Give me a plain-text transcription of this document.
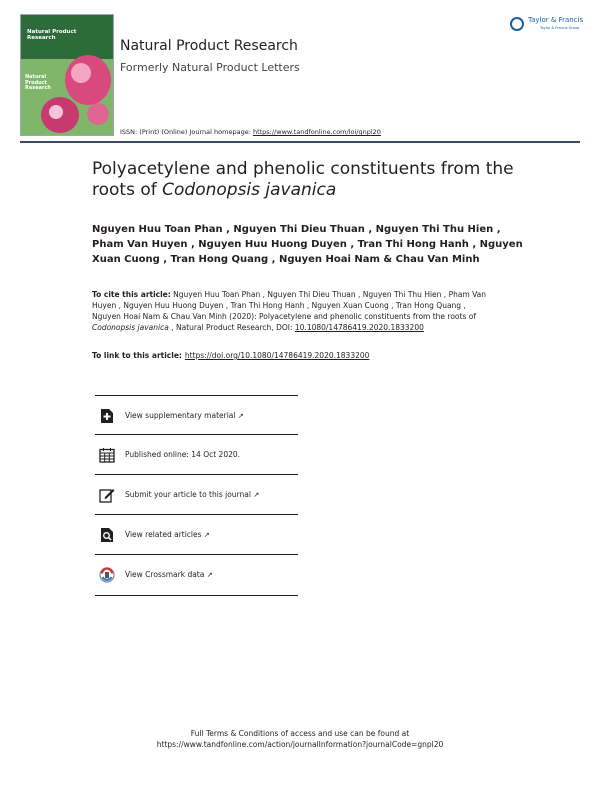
Natural Product Research
Natural Product Research
Natural Product Research
Formerly Natural Product Letters
ISSN: (Print) (Online) Journal homepage: https://www.tandfonline.com/loi/gnpl20
Taylor & Francis
Taylor & Francis Group
Polyacetylene and phenolic constituents from the roots of Codonopsis javanica
Nguyen Huu Toan Phan , Nguyen Thi Dieu Thuan , Nguyen Thi Thu Hien , Pham Van Huyen , Nguyen Huu Huong Duyen , Tran Thi Hong Hanh , Nguyen Xuan Cuong , Tran Hong Quang , Nguyen Hoai Nam & Chau Van Minh
To cite this article: Nguyen Huu Toan Phan , Nguyen Thi Dieu Thuan , Nguyen Thi Thu Hien , Pham Van Huyen , Nguyen Huu Huong Duyen , Tran Thi Hong Hanh , Nguyen Xuan Cuong , Tran Hong Quang , Nguyen Hoai Nam & Chau Van Minh (2020): Polyacetylene and phenolic constituents from the roots of Codonopsis javanica , Natural Product Research, DOI: 10.1080/14786419.2020.1833200
To link to this article: https://doi.org/10.1080/14786419.2020.1833200
View supplementary material ↗
Published online: 14 Oct 2020.
Submit your article to this journal ↗
View related articles ↗
View Crossmark data ↗
Full Terms & Conditions of access and use can be found at
https://www.tandfonline.com/action/journalInformation?journalCode=gnpl20
